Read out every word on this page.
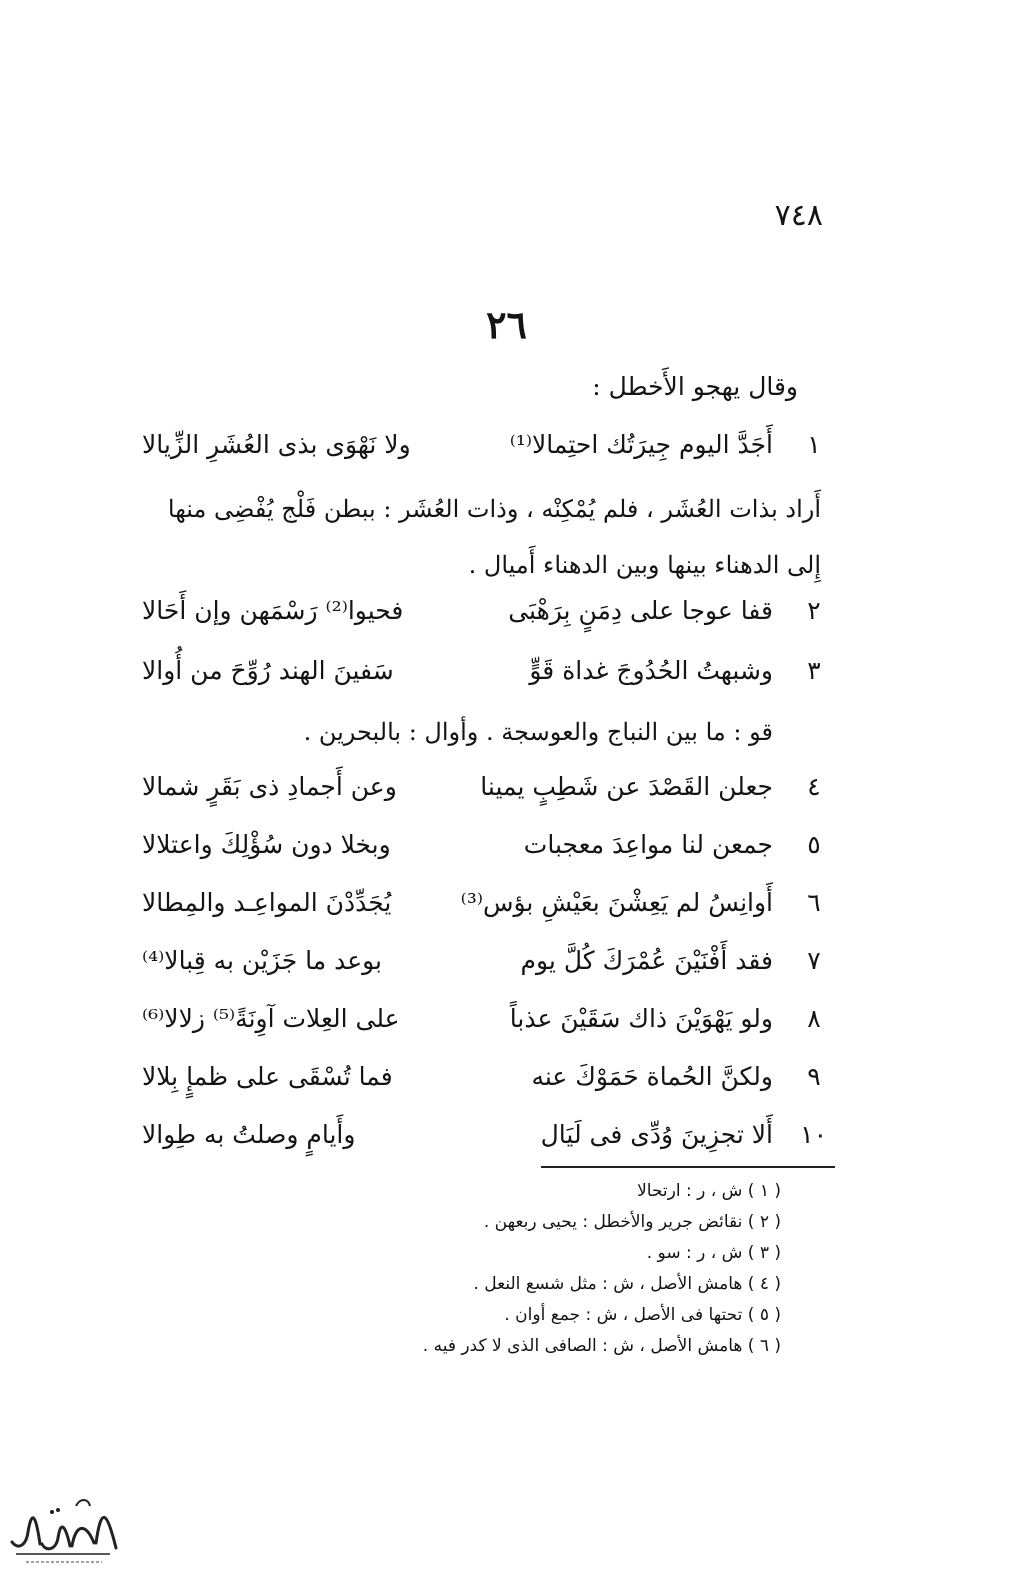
٧٤٨
٢٦
وقال يهجو الأَخطل :
١
أَجَدَّ اليوم جِيرَتُك احتِمالا⁽¹⁾
ولا نَهْوَى بذى العُشَرِ الزِّيالا
أَراد بذات العُشَر ، فلم يُمْكِنْه ، وذات العُشَر : ببطن فَلْج يُفْضِى منها
إِلى الدهناء بينها وبين الدهناء أَميال .
٢
قفا عوجا على دِمَنٍ بِرَهْبَى
فحيوا⁽²⁾ رَسْمَهن وإن أَحَالا
٣
وشبهتُ الحُدُوجَ غداة قَوٍّ
سَفينَ الهند رُوِّحَ من أُوالا
قو : ما بين النباج والعوسجة . وأوال : بالبحرين .
٤
جعلن القَصْدَ عن شَطِبٍ يمينا
وعن أَجمادِ ذى بَقَرٍ شمالا
٥
جمعن لنا مواعِدَ معجبات
وبخلا دون سُؤْلِكَ واعتلالا
٦
أَوانِسُ لم يَعِشْنَ بعَيْشِ بؤس⁽³⁾
يُجَدِّدْنَ المواعِـد والمِطالا
٧
فقد أَفْنَيْنَ عُمْرَكَ كُلَّ يوم
بوعد ما جَزَيْن به قِبالا⁽⁴⁾
٨
ولو يَهْوَيْنَ ذاك سَقَيْنَ عذباً
على العِلات آوِنَةً⁽⁵⁾ زلالا⁽⁶⁾
٩
ولكنَّ الحُماة حَمَوْكَ عنه
فما تُسْقَى على ظمإٍ بِلالا
١٠
أَلا تجزِينَ وُدِّى فى لَيَال
وأَيامٍ وصلتُ به طِوالا
( ١ ) ش ، ر : ارتحالا
( ٢ ) نقائض جرير والأخطل : يحيى ربعهن .
( ٣ ) ش ، ر : سو .
( ٤ ) هامش الأصل ، ش : مثل شسع النعل .
( ٥ ) تحتها فى الأصل ، ش : جمع أوان .
( ٦ ) هامش الأصل ، ش : الصافى الذى لا كدر فيه .
